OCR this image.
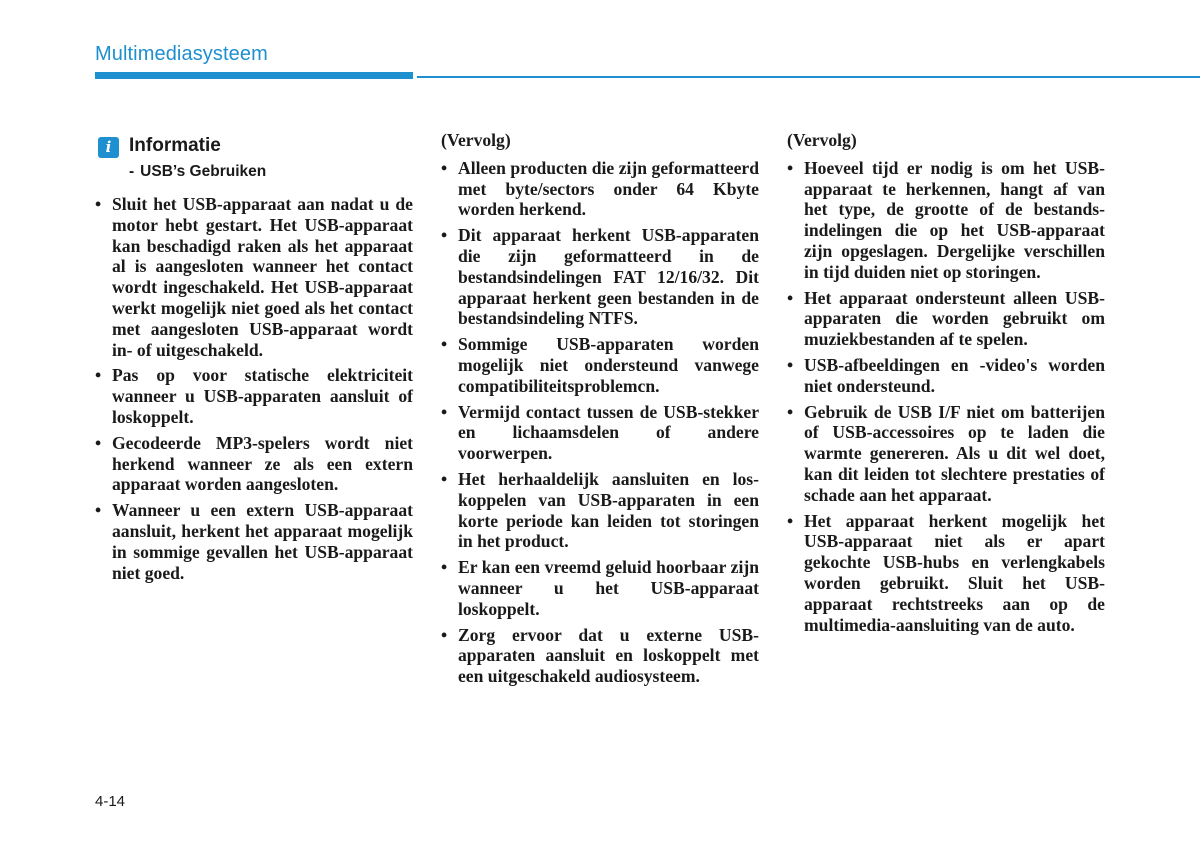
Multimediasysteem
i Informatie
- USB’s Gebruiken
• Sluit het USB-apparaat aan nadat u de motor hebt gestart. Het USB-apparaat kan beschadigd raken als het apparaat al is aangesloten wanneer het contact wordt ingeschakeld. Het USB-apparaat werkt mogelijk niet goed als het contact met aangesloten USB-apparaat wordt in- of uitgeschakeld.
• Pas op voor statische elektriciteit wanneer u USB-apparaten aansluit of loskoppelt.
• Gecodeerde MP3-spelers wordt niet herkend wanneer ze als een extern apparaat worden aangesloten.
• Wanneer u een extern USB-apparaat aansluit, herkent het apparaat mogelijk in sommige gevallen het USB-apparaat niet goed.
(Vervolg)
• Alleen producten die zijn geformatteerd met byte/sectors onder 64 Kbyte worden herkend.
• Dit apparaat herkent USB-apparaten die zijn geformatteerd in de bestandsindelingen FAT 12/16/32. Dit apparaat herkent geen bestanden in de bestandsindeling NTFS.
• Sommige USB-apparaten worden mogelijk niet ondersteund vanwege compatibiliteitsproblemcn.
• Vermijd contact tussen de USB-stekker en lichaamsdelen of andere voorwerpen.
• Het herhaaldelijk aansluiten en loskoppelen van USB-apparaten in een korte periode kan leiden tot storingen in het product.
• Er kan een vreemd geluid hoorbaar zijn wanneer u het USB-apparaat loskoppelt.
• Zorg ervoor dat u externe USB-apparaten aansluit en loskoppelt met een uitgeschakeld audiosysteem.
(Vervolg)
• Hoeveel tijd er nodig is om het USB-apparaat te herkennen, hangt af van het type, de grootte of de bestandsindelingen die op het USB-apparaat zijn opgeslagen. Dergelijke verschillen in tijd duiden niet op storingen.
• Het apparaat ondersteunt alleen USB-apparaten die worden gebruikt om muziekbestanden af te spelen.
• USB-afbeeldingen en -video's worden niet ondersteund.
• Gebruik de USB I/F niet om batterijen of USB-accessoires op te laden die warmte genereren. Als u dit wel doet, kan dit leiden tot slechtere prestaties of schade aan het apparaat.
• Het apparaat herkent mogelijk het USB-apparaat niet als er apart gekochte USB-hubs en verlengkabels worden gebruikt. Sluit het USB-apparaat rechtstreeks aan op de multimedia-aansluiting van de auto.
4-14
